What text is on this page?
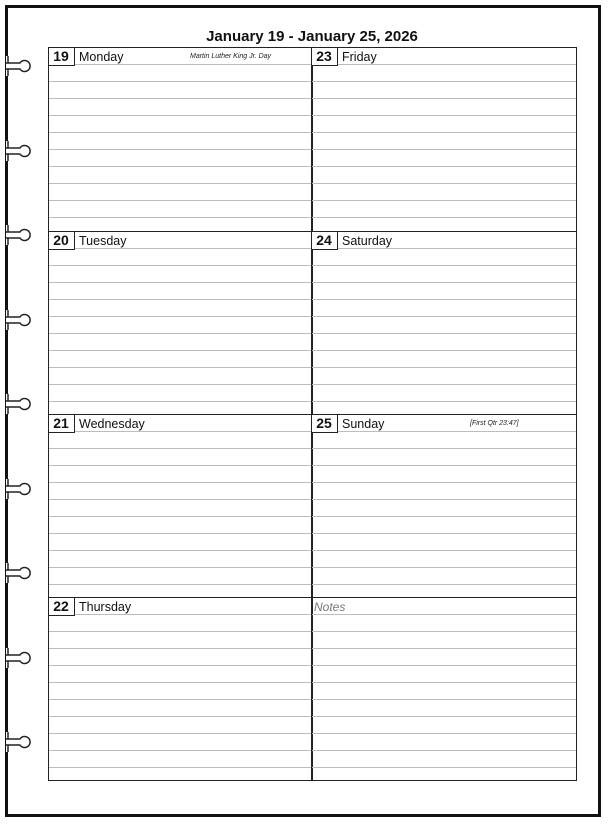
January 19 - January 25, 2026
19 Monday	Martin Luther King Jr. Day
20 Tuesday
21 Wednesday
22 Thursday
23 Friday
24 Saturday
25 Sunday	[First Qtr 23:47]
Notes
